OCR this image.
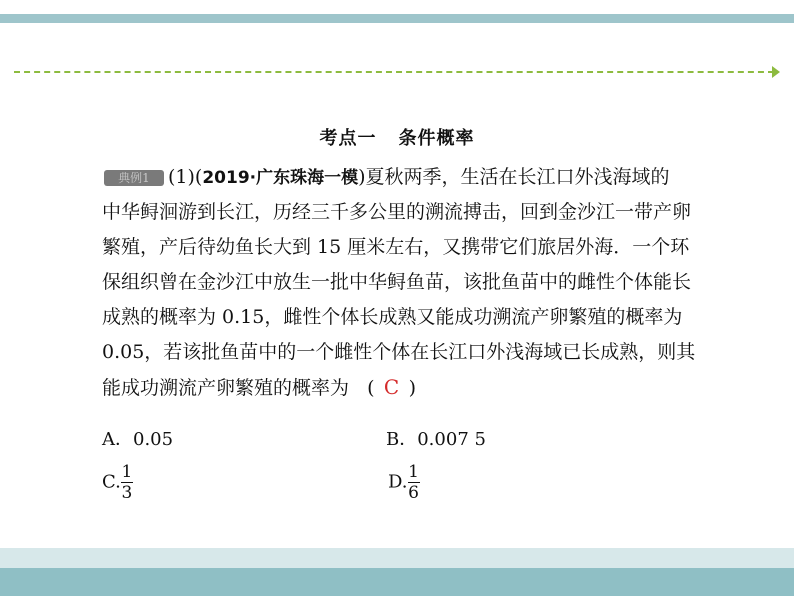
考点一 条件概率
典例1 (1)(2019·广东珠海一模)夏秋两季，生活在长江口外浅海域的
中华鲟洄游到长江，历经三千多公里的溯流搏击，回到金沙江一带产卵
繁殖，产后待幼鱼长大到 15 厘米左右，又携带它们旅居外海．一个环
保组织曾在金沙江中放生一批中华鲟鱼苗，该批鱼苗中的雌性个体能长
成熟的概率为 0.15，雌性个体长成熟又能成功溯流产卵繁殖的概率为
0.05，若该批鱼苗中的一个雌性个体在长江口外浅海域已长成熟，则其
能成功溯流产卵繁殖的概率为 ( C )
A．0.05	B．0.007 5
C. $\frac{1}{3}$	D. $\frac{1}{6}$
